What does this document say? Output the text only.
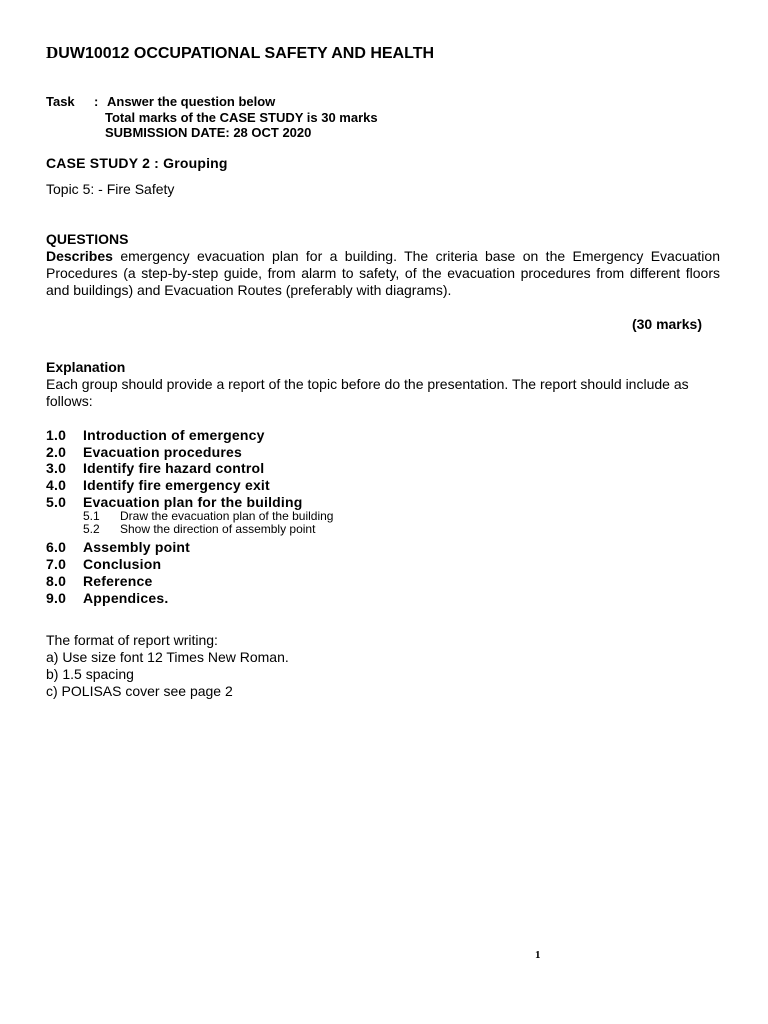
DUW10012 OCCUPATIONAL SAFETY AND HEALTH
Task : Answer the question below
Total marks of the CASE STUDY is 30 marks
SUBMISSION DATE: 28 OCT 2020
CASE STUDY 2 : Grouping
Topic 5: - Fire Safety
QUESTIONS
Describes emergency evacuation plan for a building. The criteria base on the Emergency Evacuation Procedures (a step-by-step guide, from alarm to safety, of the evacuation procedures from different floors and buildings) and Evacuation Routes (preferably with diagrams).
(30 marks)
Explanation
Each group should provide a report of the topic before do the presentation. The report should include as follows:
1.0	Introduction of emergency
2.0	Evacuation procedures
3.0	Identify fire hazard control
4.0	Identify fire emergency exit
5.0	Evacuation plan for the building
5.1	Draw the evacuation plan of the building
5.2	Show the direction of assembly point
6.0	Assembly point
7.0	Conclusion
8.0	Reference
9.0	Appendices.
The format of report writing:
a) Use size font 12 Times New Roman.
b) 1.5 spacing
c) POLISAS cover see page 2
1
